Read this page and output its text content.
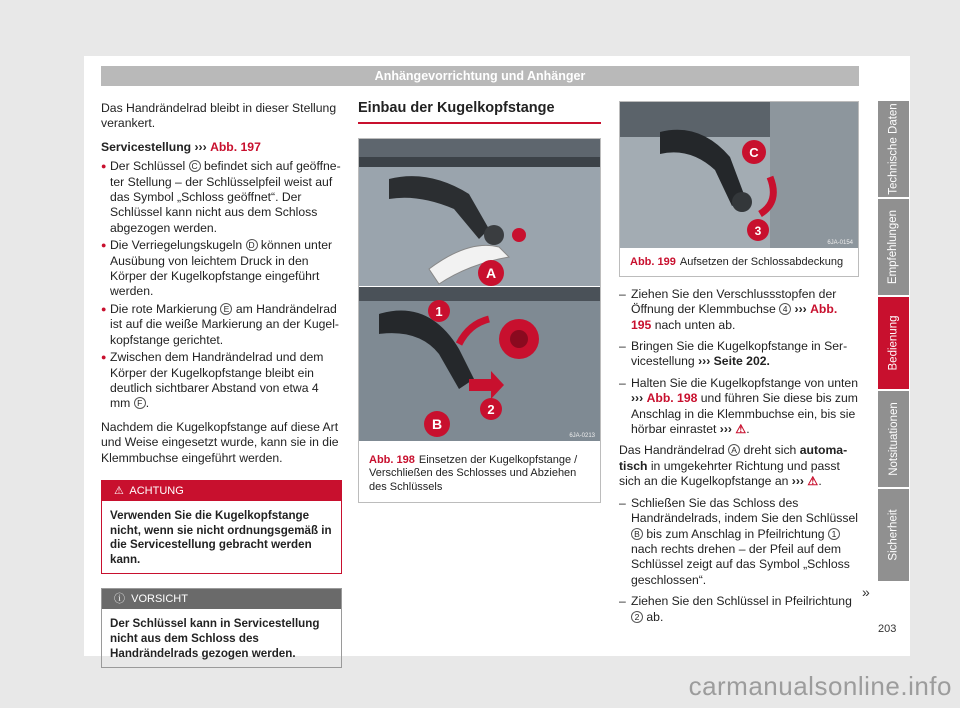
Anhängevorrichtung und Anhänger

Das Handrändelrad bleibt in dieser Stellung verankert.

Servicestellung ››› Abb. 197

● Der Schlüssel C befindet sich auf geöffneter Stellung – der Schlüsselpfeil weist auf das Symbol „Schloss geöffnet“. Der Schlüssel kann nicht aus dem Schloss abgezogen werden.
● Die Verriegelungskugeln D können unter Ausübung von leichtem Druck in den Körper der Kugelkopfstange eingeführt werden.
● Die rote Markierung E am Handrändelrad ist auf die weiße Markierung an der Kugelkopfstange gerichtet.
● Zwischen dem Handrändelrad und dem Körper der Kugelkopfstange bleibt ein deutlich sichtbarer Abstand von etwa 4 mm F .

Nachdem die Kugelkopfstange auf diese Art und Weise eingesetzt wurde, kann sie in die Klemmbuchse eingeführt werden.

⚠ ACHTUNG
Verwenden Sie die Kugelkopfstange nicht, wenn sie nicht ordnungsgemäß in die Servicestellung gebracht werden kann.
ⓘ VORSICHT
Der Schlüssel kann in Servicestellung nicht aus dem Schloss des Handrändelrads gezogen werden.
Einbau der Kugelkopfstange
A
1
2
B
6JA-0213
Abb. 198 Einsetzen der Kugelkopfstange / Verschließen des Schlosses und Abziehen des Schlüssels
C
3
6JA-0154
Abb. 199 Aufsetzen der Schlossabdeckung
– Ziehen Sie den Verschlussstopfen der Öffnung der Klemmbuchse 4 ››› Abb. 195 nach unten ab.
– Bringen Sie die Kugelkopfstange in Servicestellung ››› Seite 202.
– Halten Sie die Kugelkopfstange von unten ››› Abb. 198 und führen Sie diese bis zum Anschlag in die Klemmbuchse ein, bis sie hörbar einrastet ››› ⚠.

Das Handrändelrad A dreht sich automatisch in umgekehrter Richtung und passt sich an die Kugelkopfstange an ››› ⚠.

– Schließen Sie das Schloss des Handrändelrads, indem Sie den Schlüssel B bis zum Anschlag in Pfeilrichtung 1 nach rechts drehen – der Pfeil auf dem Schlüssel zeigt auf das Symbol „Schloss geschlossen“.
– Ziehen Sie den Schlüssel in Pfeilrichtung 2 ab.
»
Technische Daten
Empfehlungen
Bedienung
Notsituationen
Sicherheit
203
carmanualsonline.info
